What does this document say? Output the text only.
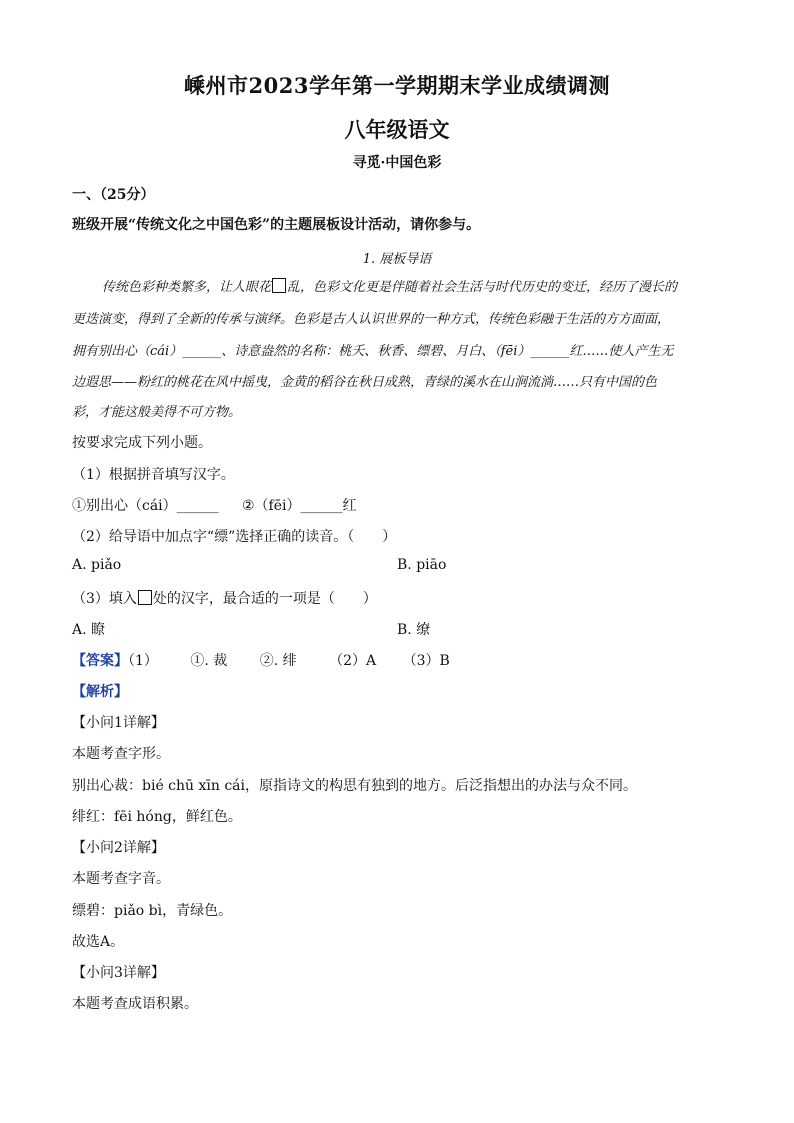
嵊州市2023学年第一学期期末学业成绩调测
八年级语文
寻觅·中国色彩
一、（25分）
班级开展“传统文化之中国色彩”的主题展板设计活动，请你参与。
1. 展板导语
传统色彩种类繁多，让人眼花 乱，色彩文化更是伴随着社会生活与时代历史的变迁，经历了漫长的
更迭演变，得到了全新的传承与演绎。色彩是古人认识世界的一种方式，传统色彩融于生活的方方面面，
拥有别出心（cái）______、诗意盎然的名称：桃夭、秋香、缥碧、月白、（fēi）______红……使人产生无
边遐思——粉红的桃花在风中摇曳，金黄的稻谷在秋日成熟，青绿的溪水在山涧流淌……只有中国的色
彩，才能这般美得不可方物。
按要求完成下列小题。
（1）根据拼音填写汉字。
①别出心（cái）______ ②（fēi）______红
（2）给导语中加点字“缥”选择正确的读音。（　　）
A. piǎo	B. piāo
（3）填入 处的汉字，最合适的一项是（　　）
A. 瞭	B. 缭
【答案】（1） ①. 裁 ②. 绯 （2）A （3）B
【解析】
【小问1详解】
本题考查字形。
别出心裁：bié chū xīn cái，原指诗文的构思有独到的地方。后泛指想出的办法与众不同。
绯红：fēi hóng，鲜红色。
【小问2详解】
本题考查字音。
缥碧：piǎo bì，青绿色。
故选A。
【小问3详解】
本题考查成语积累。
